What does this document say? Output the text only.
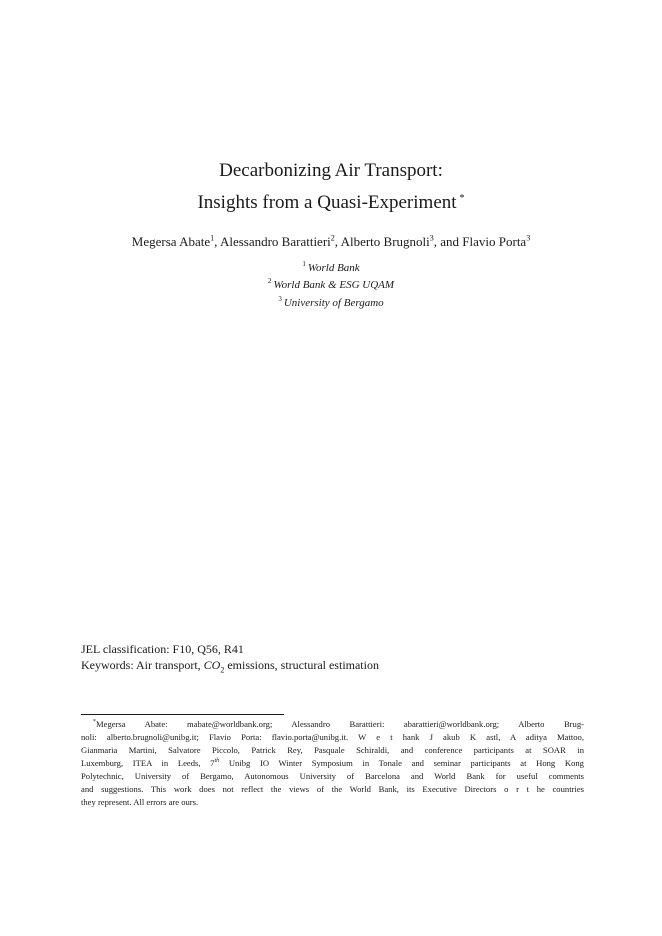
Decarbonizing Air Transport:
Insights from a Quasi-Experiment *
Megersa Abate$^1$, Alessandro Barattieri$^2$, Alberto Brugnoli$^3$, and Flavio Porta$^3$
$^1$ World Bank
$^2$ World Bank & ESG UQAM
$^3$ University of Bergamo
JEL classification: F10, Q56, R41
Keywords: Air transport, $CO_2$ emissions, structural estimation
*Megersa Abate: mabate@worldbank.org; Alessandro Barattieri: abarattieri@worldbank.org; Alberto Brug-
noli: alberto.brugnoli@unibg.it; Flavio Porta: flavio.porta@unibg.it. W e t hank J akub K astl, A aditya Mattoo,
Gianmaria Martini, Salvatore Piccolo, Patrick Rey, Pasquale Schiraldi, and conference participants at SOAR in
Luxemburg, ITEA in Leeds, 7th Unibg IO Winter Symposium in Tonale and seminar participants at Hong Kong
Polytechnic, University of Bergamo, Autonomous University of Barcelona and World Bank for useful comments
and suggestions. This work does not reflect the views of the World Bank, its Executive Directors o r t he countries
they represent. All errors are ours.
